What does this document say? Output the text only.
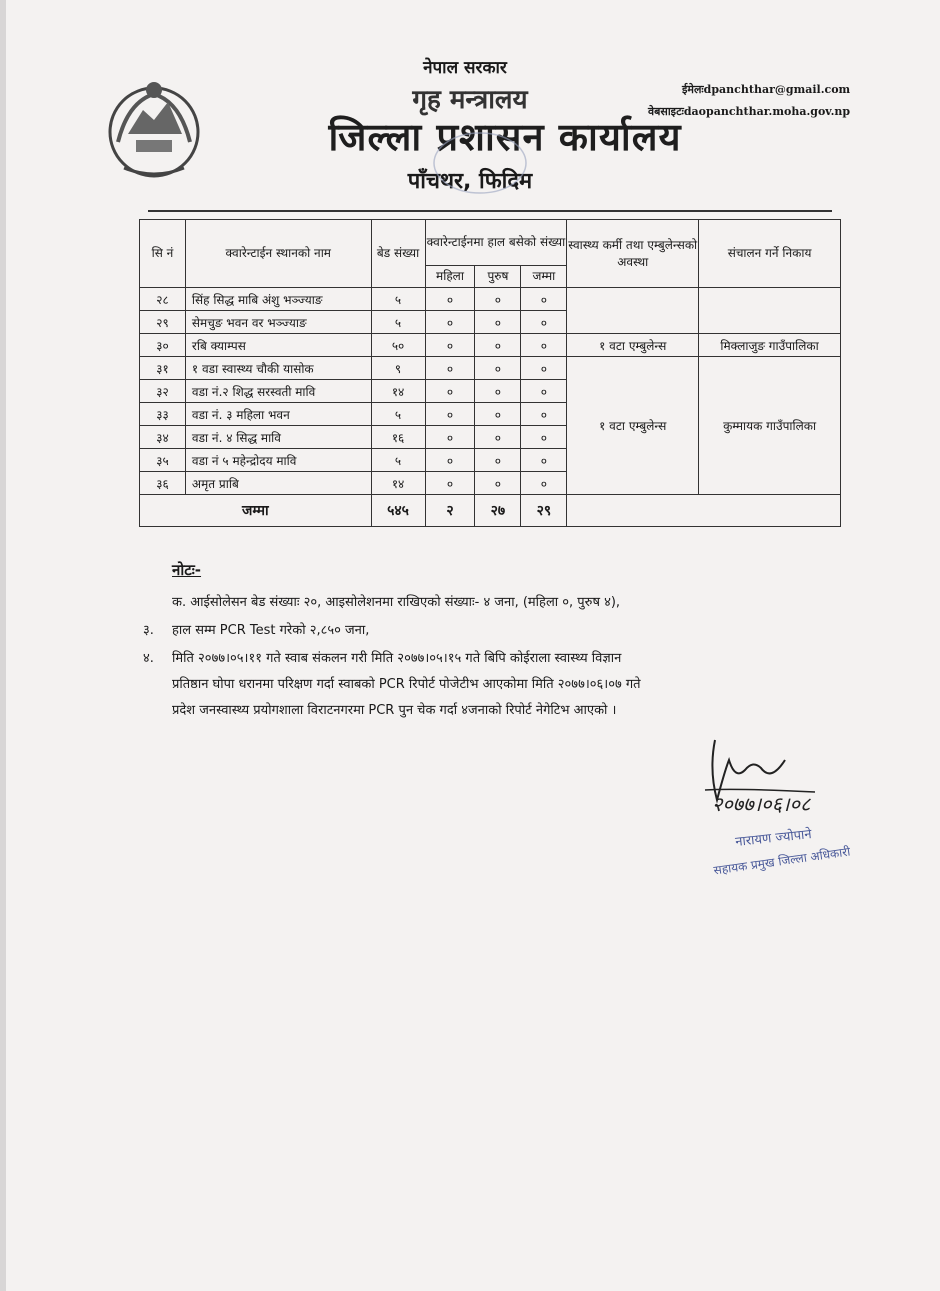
नेपाल सरकार
गृह मन्त्रालय
जिल्ला प्रशासन कार्यालय
पाँचथर, फिदिम
ईमेलःdpanchthar@gmail.com
वेबसाइटःdaopanchthar.moha.gov.np
सि नं	क्वारेन्टाईन स्थानको नाम	बेड संख्या	क्वारेन्टाईनमा हाल बसेको संख्या			स्वास्थ्य कर्मी तथा एम्बुलेन्सको अवस्था	संचालन गर्ने निकाय
			महिला	पुरुष	जम्मा		
२८	सिंह सिद्ध माबि अंशु भञ्ज्याङ	५	०	०	०		
२९	सेमचुङ भवन वर भञ्ज्याङ	५	०	०	०		
३०	रबि क्याम्पस	५०	०	०	०	१ वटा एम्बुलेन्स	मिक्लाजुङ गाउँपालिका
३१	१ वडा स्वास्थ्य चौकी यासोक	९	०	०	०	१ वटा एम्बुलेन्स	कुम्मायक गाउँपालिका
३२	वडा नं.२ शिद्ध सरस्वती मावि	१४	०	०	०		
३३	वडा नं. ३ महिला भवन	५	०	०	०		
३४	वडा नं. ४ सिद्ध मावि	१६	०	०	०		
३५	वडा नं ५ महेन्द्रोदय मावि	५	०	०	०		
३६	अमृत प्राबि	१४	०	०	०		
जम्मा		५४५	२	२७	२९		
नोटः-
क. आईसोलेसन बेड संख्याः २०, आइसोलेशनमा राखिएको संख्याः- ४ जना, (महिला ०, पुरुष ४),
३. हाल सम्म PCR Test गरेको २,८५० जना,
४. मिति २०७७।०५।११ गते स्वाब संकलन गरी मिति २०७७।०५।१५ गते बिपि कोईराला स्वास्थ्य विज्ञान
प्रतिष्ठान घोपा धरानमा परिक्षण गर्दा स्वाबको PCR रिपोर्ट पोजेटीभ आएकोमा मिति २०७७।०६।०७ गते
प्रदेश जनस्वास्थ्य प्रयोगशाला विराटनगरमा PCR पुन चेक गर्दा ४जनाको रिपोर्ट नेगेटिभ आएको ।
२०७७।०६।०८
नारायण ज्योपाने
सहायक प्रमुख जिल्ला अधिकारी
